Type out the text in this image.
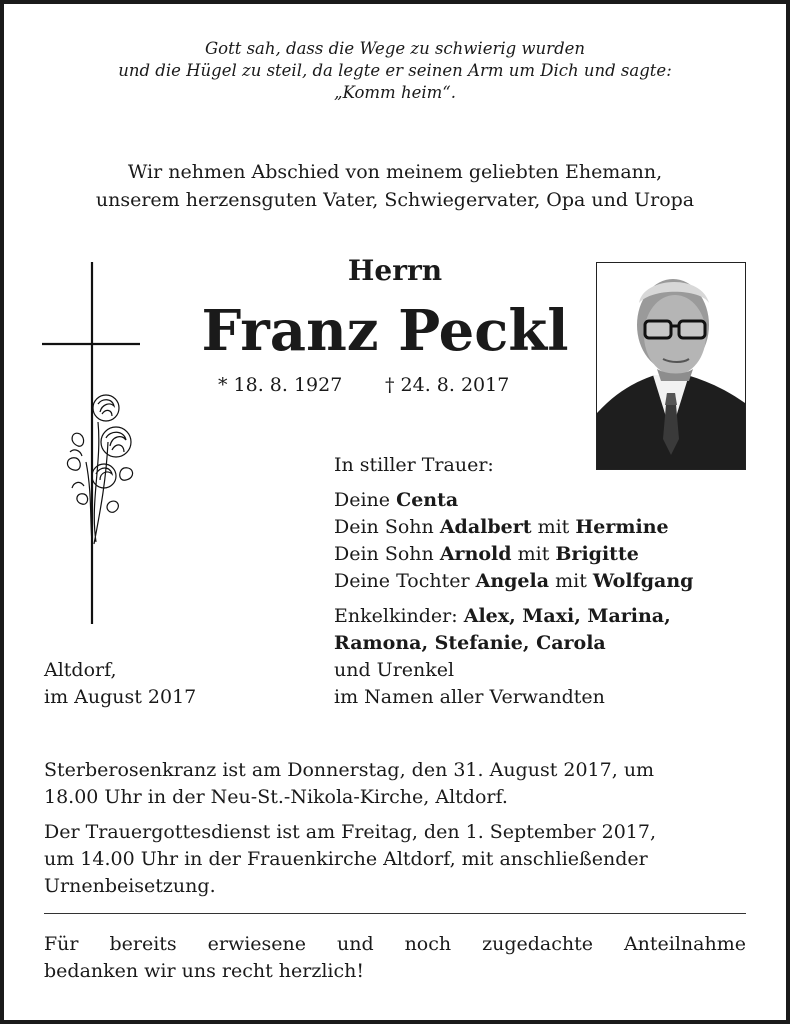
Gott sah, dass die Wege zu schwierig wurden
und die Hügel zu steil, da legte er seinen Arm um Dich und sagte:
„Komm heim“.
Wir nehmen Abschied von meinem geliebten Ehemann,
unserem herzensguten Vater, Schwiegervater, Opa und Uropa
Herrn
Franz Peckl
* 18. 8. 1927 † 24. 8. 2017
In stiller Trauer:
Deine Centa
Dein Sohn Adalbert mit Hermine
Dein Sohn Arnold mit Brigitte
Deine Tochter Angela mit Wolfgang
Enkelkinder: Alex, Maxi, Marina,
Ramona, Stefanie, Carola
und Urenkel
im Namen aller Verwandten
Altdorf,
im August 2017
Sterberosenkranz ist am Donnerstag, den 31. August 2017, um
18.00 Uhr in der Neu-St.-Nikola-Kirche, Altdorf.
Der Trauergottesdienst ist am Freitag, den 1. September 2017,
um 14.00 Uhr in der Frauenkirche Altdorf, mit anschließender
Urnenbeisetzung.
Für bereits erwiesene und noch zugedachte Anteilnahme
bedanken wir uns recht herzlich!
